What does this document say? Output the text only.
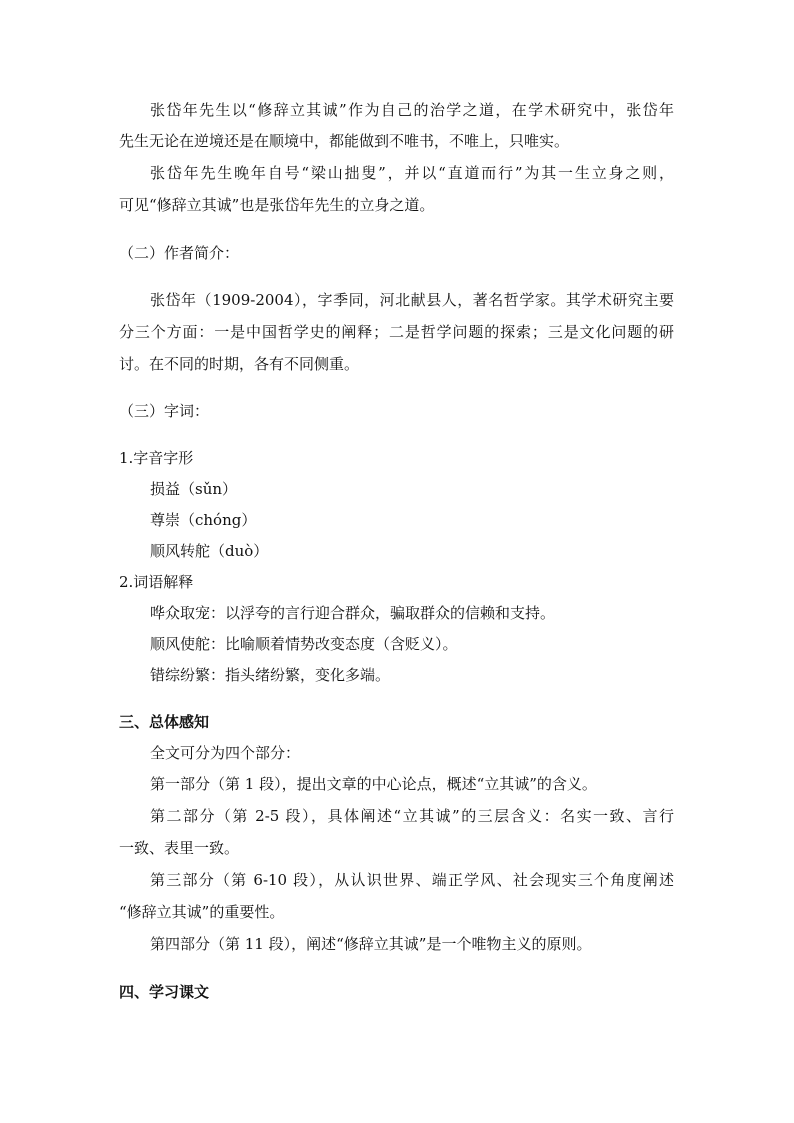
张岱年先生以“修辞立其诚”作为自己的治学之道，在学术研究中，张岱年
先生无论在逆境还是在顺境中，都能做到不唯书，不唯上，只唯实。
张岱年先生晚年自号“梁山拙叟”，并以“直道而行”为其一生立身之则，
可见“修辞立其诚”也是张岱年先生的立身之道。
（二）作者简介：
张岱年（1909-2004），字季同，河北献县人，著名哲学家。其学术研究主要
分三个方面：一是中国哲学史的阐释；二是哲学问题的探索；三是文化问题的研
讨。在不同的时期，各有不同侧重。
（三）字词：
1.字音字形
损益（sǔn）
尊崇（chóng）
顺风转舵（duò）
2.词语解释
哗众取宠：以浮夸的言行迎合群众，骗取群众的信赖和支持。
顺风使舵：比喻顺着情势改变态度（含贬义）。
错综纷繁：指头绪纷繁，变化多端。
三、总体感知
全文可分为四个部分：
第一部分（第 1 段），提出文章的中心论点，概述“立其诚”的含义。
第二部分（第 2-5 段），具体阐述“立其诚”的三层含义：名实一致、言行
一致、表里一致。
第三部分（第 6-10 段），从认识世界、端正学风、社会现实三个角度阐述
“修辞立其诚”的重要性。
第四部分（第 11 段），阐述“修辞立其诚”是一个唯物主义的原则。
四、学习课文
